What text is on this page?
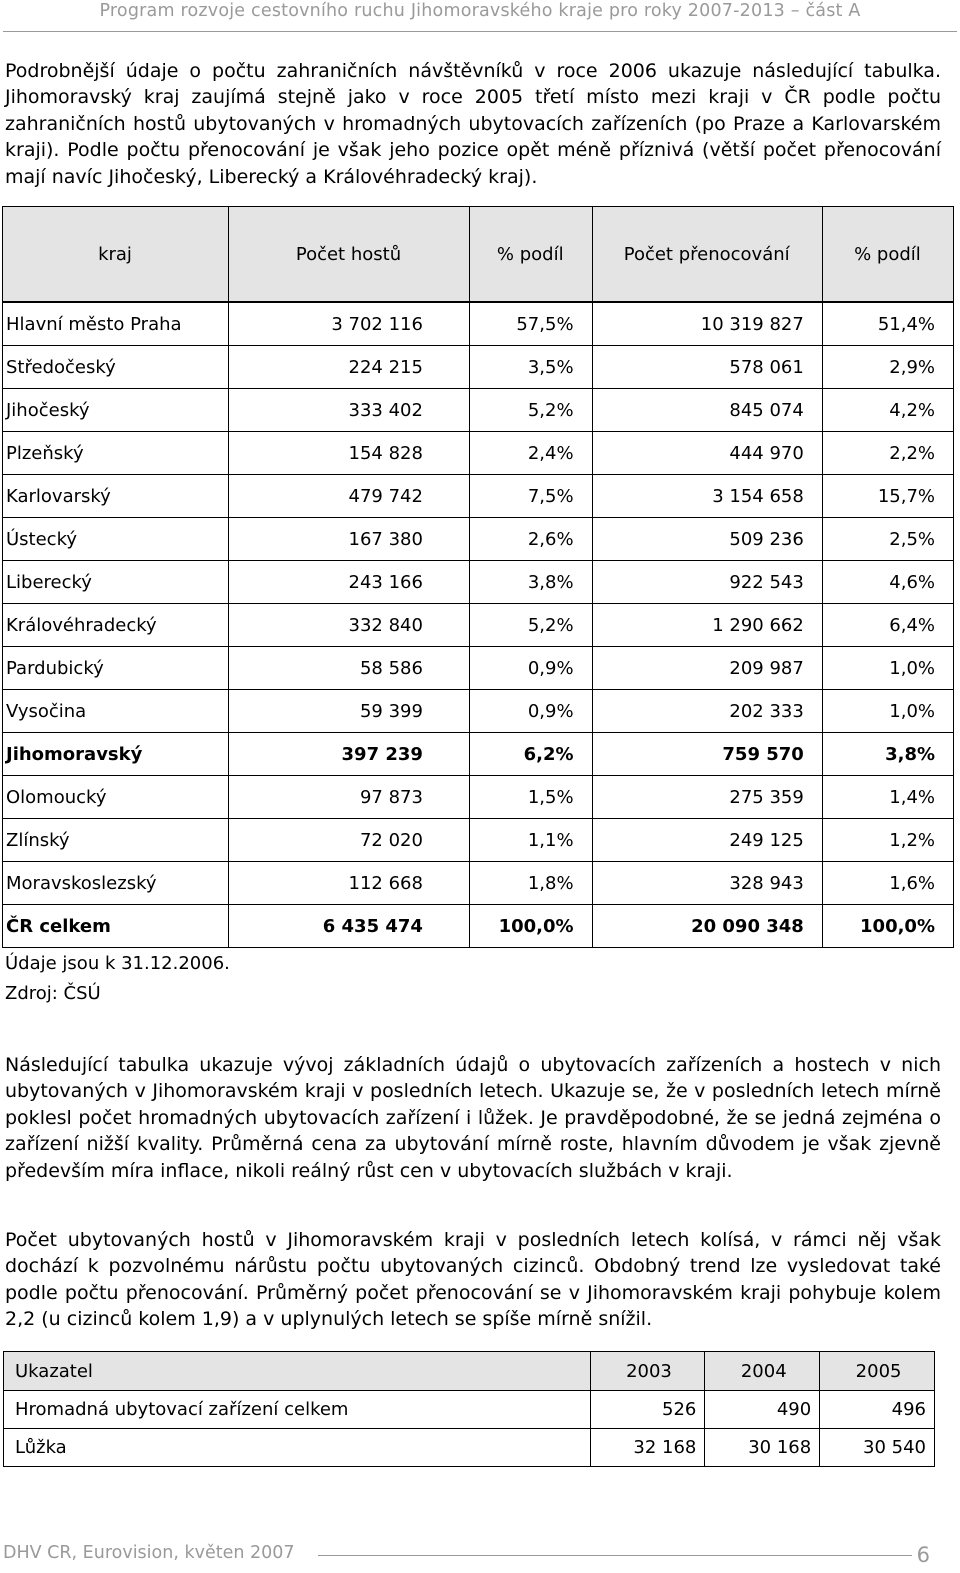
Program rozvoje cestovního ruchu Jihomoravského kraje pro roky 2007-2013 – část A
Podrobnější údaje o počtu zahraničních návštěvníků v roce 2006 ukazuje následující tabulka. Jihomoravský kraj zaujímá stejně jako v roce 2005 třetí místo mezi kraji v ČR podle počtu zahraničních hostů ubytovaných v hromadných ubytovacích zařízeních (po Praze a Karlovarském kraji). Podle počtu přenocování je však jeho pozice opět méně příznivá (větší počet přenocování mají navíc Jihočeský, Liberecký a Královéhradecký kraj).
kraj	Počet hostů	% podíl	Počet přenocování	% podíl
Hlavní město Praha	3 702 116	57,5%	10 319 827	51,4%
Středočeský	224 215	3,5%	578 061	2,9%
Jihočeský	333 402	5,2%	845 074	4,2%
Plzeňský	154 828	2,4%	444 970	2,2%
Karlovarský	479 742	7,5%	3 154 658	15,7%
Ústecký	167 380	2,6%	509 236	2,5%
Liberecký	243 166	3,8%	922 543	4,6%
Královéhradecký	332 840	5,2%	1 290 662	6,4%
Pardubický	58 586	0,9%	209 987	1,0%
Vysočina	59 399	0,9%	202 333	1,0%
Jihomoravský	397 239	6,2%	759 570	3,8%
Olomoucký	97 873	1,5%	275 359	1,4%
Zlínský	72 020	1,1%	249 125	1,2%
Moravskoslezský	112 668	1,8%	328 943	1,6%
ČR celkem	6 435 474	100,0%	20 090 348	100,0%
Údaje jsou k 31.12.2006.
Zdroj: ČSÚ
Následující tabulka ukazuje vývoj základních údajů o ubytovacích zařízeních a hostech v nich ubytovaných v Jihomoravském kraji v posledních letech. Ukazuje se, že v posledních letech mírně poklesl počet hromadných ubytovacích zařízení i lůžek. Je pravděpodobné, že se jedná zejména o zařízení nižší kvality. Průměrná cena za ubytování mírně roste, hlavním důvodem je však zjevně především míra inflace, nikoli reálný růst cen v ubytovacích službách v kraji.
Počet ubytovaných hostů v Jihomoravském kraji v posledních letech kolísá, v rámci něj však dochází k pozvolnému nárůstu počtu ubytovaných cizinců. Obdobný trend lze vysledovat také podle počtu přenocování. Průměrný počet přenocování se v Jihomoravském kraji pohybuje kolem 2,2 (u cizinců kolem 1,9) a v uplynulých letech se spíše mírně snížil.
Ukazatel	2003	2004	2005
Hromadná ubytovací zařízení celkem	526	490	496
Lůžka	32 168	30 168	30 540
DHV CR, Eurovision, květen 2007	6
